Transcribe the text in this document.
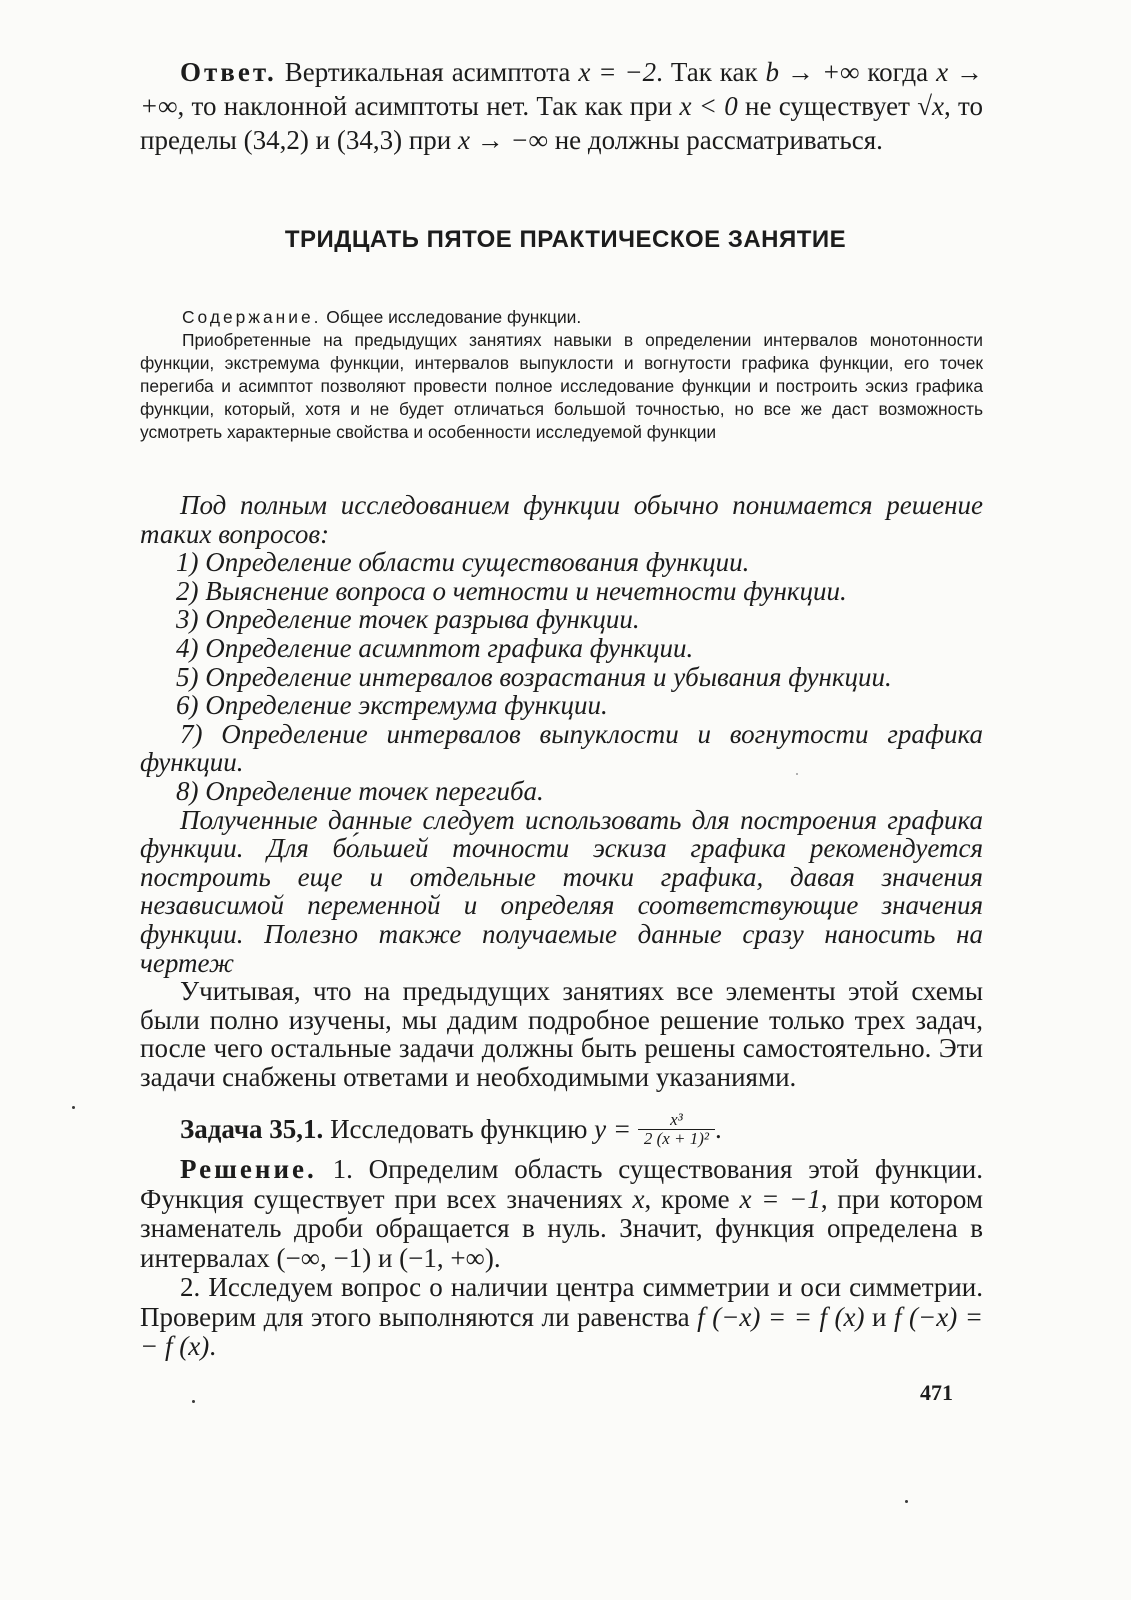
Ответ. Вертикальная асимптота x = −2. Так как b → +∞ когда x → +∞, то наклонной асимптоты нет. Так как при x < 0 не существует √x, то пределы (34,2) и (34,3) при x → −∞ не должны рассматриваться.

ТРИДЦАТЬ ПЯТОЕ ПРАКТИЧЕСКОЕ ЗАНЯТИЕ

Содержание. Общее исследование функции.

Приобретенные на предыдущих занятиях навыки в определении интервалов монотонности функции, экстремума функции, интервалов выпуклости и вогнутости графика функции, его точек перегиба и асимптот позволяют провести полное исследование функции и построить эскиз графика функции, который, хотя и не будет отличаться большой точностью, но все же даст возможность усмотреть характерные свойства и особенности исследуемой функции

Под полным исследованием функции обычно понимается решение таких вопросов:

1) Определение области существования функции.

2) Выяснение вопроса о четности и нечетности функции.

3) Определение точек разрыва функции.

4) Определение асимптот графика функции.

5) Определение интервалов возрастания и убывания функции.

6) Определение экстремума функции.

7) Определение интервалов выпуклости и вогнутости графика функции.

8) Определение точек перегиба.

Полученные данные следует использовать для построения графика функции. Для бо́льшей точности эскиза графика рекомендуется построить еще и отдельные точки графика, давая значения независимой переменной и определяя соответствующие значения функции. Полезно также получаемые данные сразу наносить на чертеж

Учитывая, что на предыдущих занятиях все элементы этой схемы были полно изучены, мы дадим подробное решение только трех задач, после чего остальные задачи должны быть решены самостоятельно. Эти задачи снабжены ответами и необходимыми указаниями.

Задача 35,1. Исследовать функцию $y = \frac{\text{x³}}{\text{2 (x + 1)²}}$ .

Решение. 1. Определим область существования этой функции. Функция существует при всех значениях x, кроме x = −1, при котором знаменатель дроби обращается в нуль. Значит, функция определена в интервалах (−∞, −1) и (−1, +∞).

2. Исследуем вопрос о наличии центра симметрии и оси симметрии. Проверим для этого выполняются ли равенства f (−x) = = f (x) и f (−x) = − f (x).

471
